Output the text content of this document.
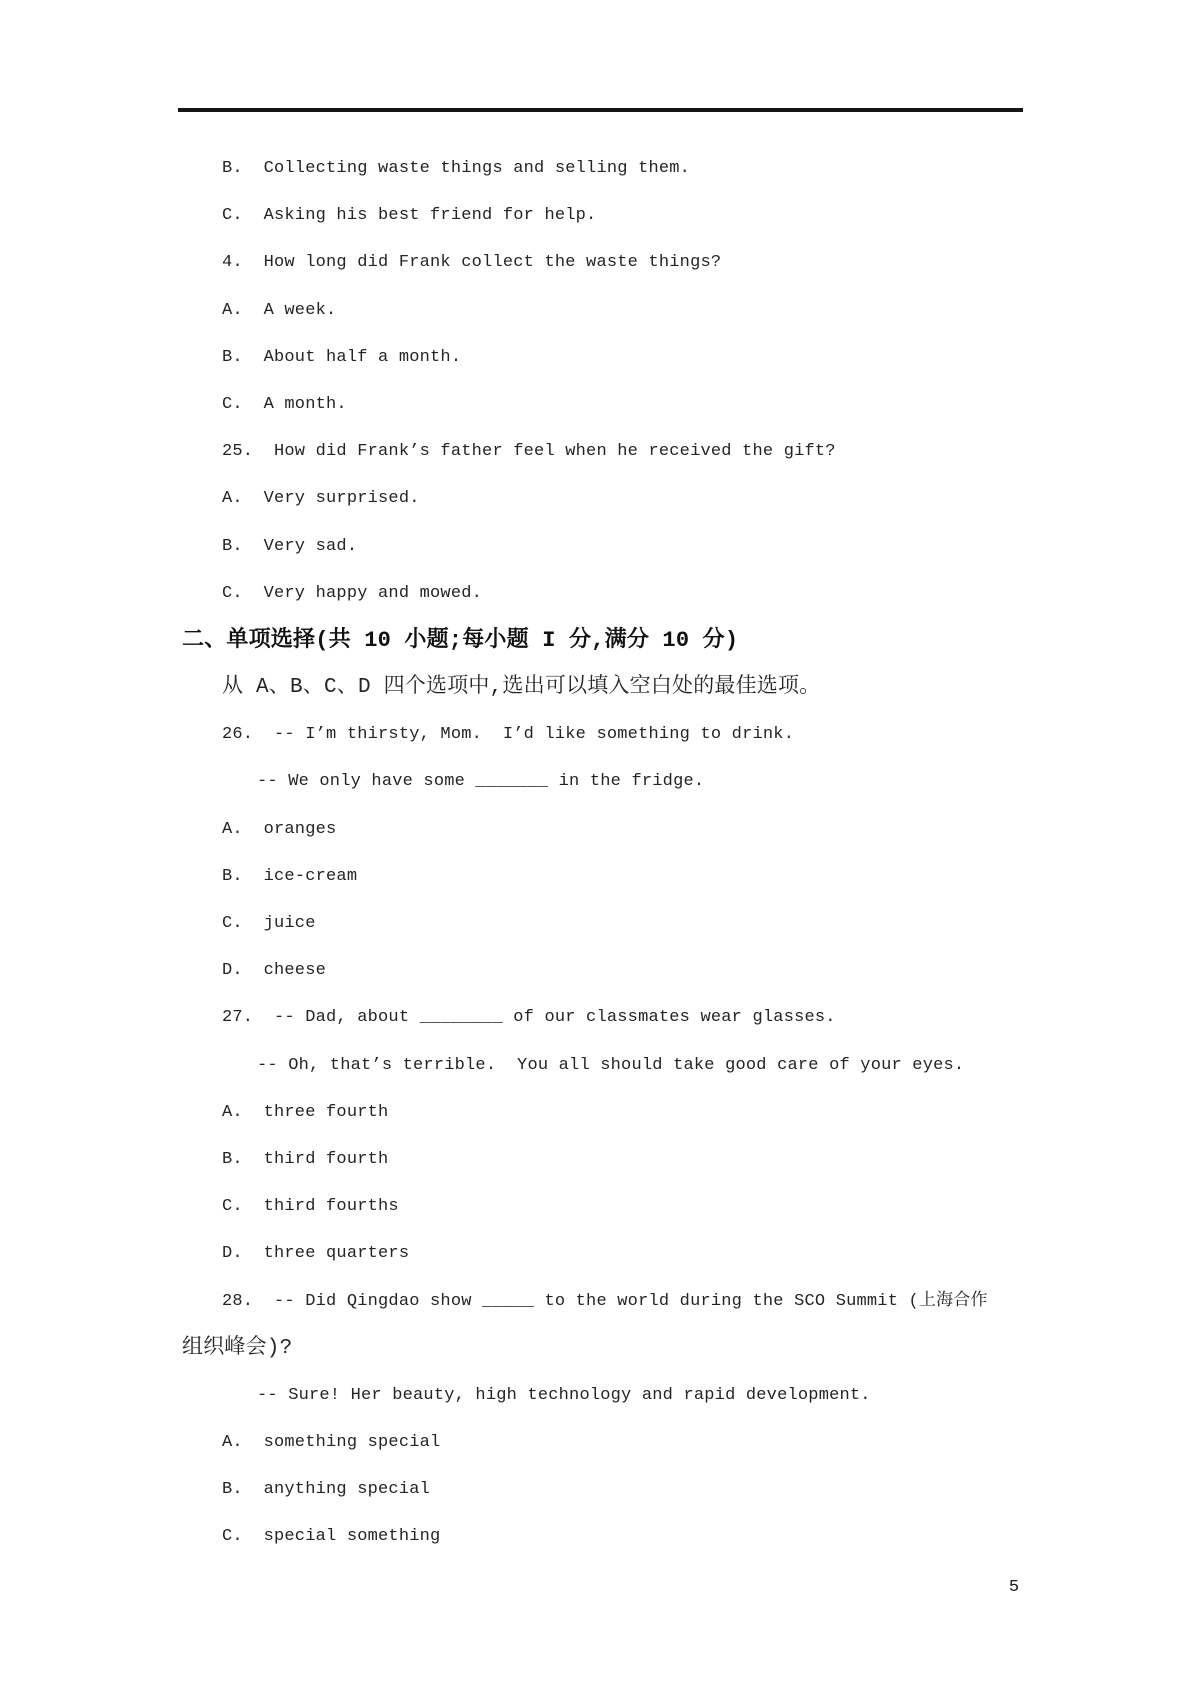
B.  Collecting waste things and selling them.
C.  Asking his best friend for help.
4.  How long did Frank collect the waste things?
A.  A week.
B.  About half a month.
C.  A month.
25.  How did Frank’s father feel when he received the gift?
A.  Very surprised.
B.  Very sad.
C.  Very happy and mowed.
二、单项选择(共 10 小题;每小题 I 分,满分 10 分)
从 A、B、C、D 四个选项中,选出可以填入空白处的最佳选项。
26.  -- I’m thirsty, Mom.  I’d like something to drink.
-- We only have some _______ in the fridge.
A.  oranges
B.  ice-cream
C.  juice
D.  cheese
27.  -- Dad, about ________ of our classmates wear glasses.
-- Oh, that’s terrible.  You all should take good care of your eyes.
A.  three fourth
B.  third fourth
C.  third fourths
D.  three quarters
28.  -- Did Qingdao show _____ to the world during the SCO Summit (上海合作
组织峰会)?
-- Sure! Her beauty, high technology and rapid development.
A.  something special
B.  anything special
C.  special something
5
